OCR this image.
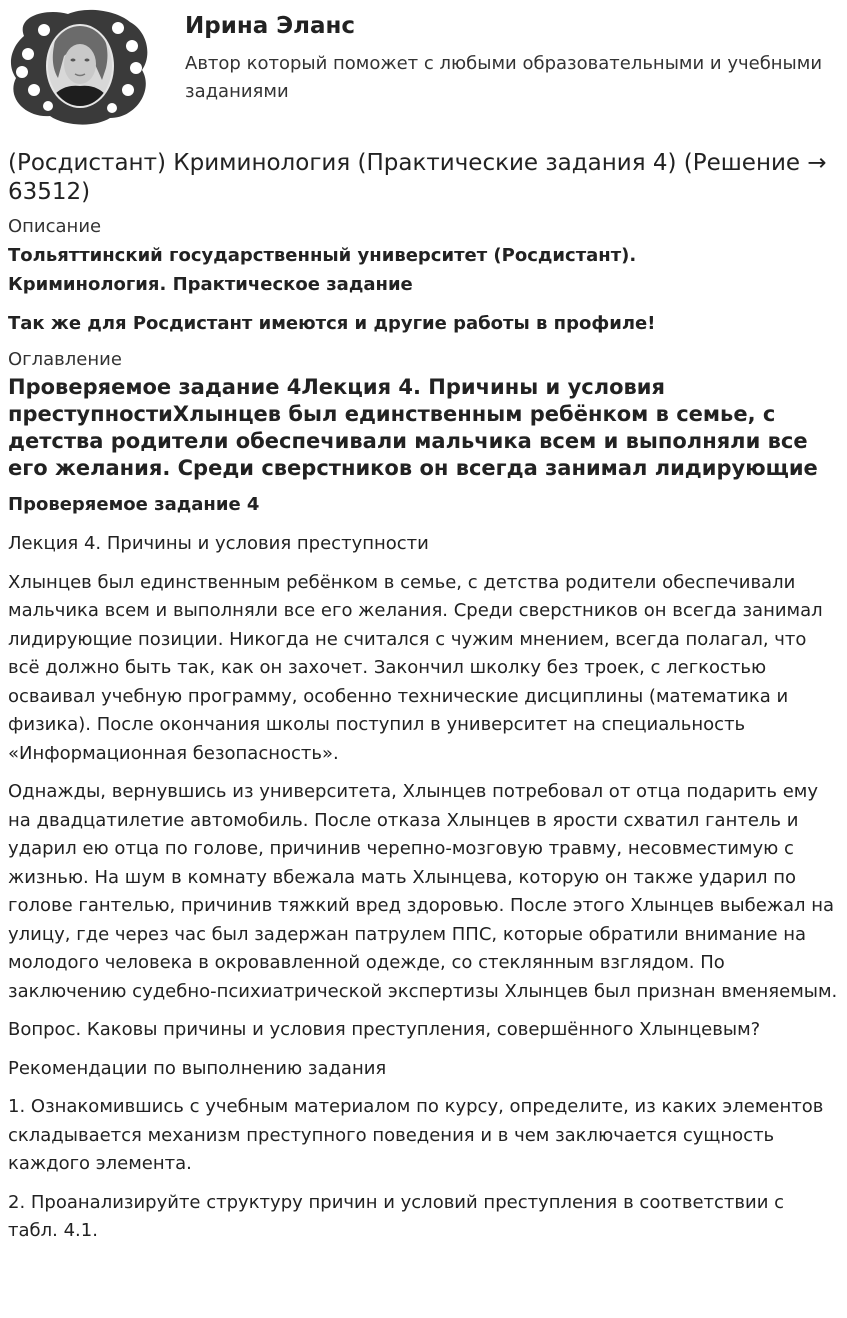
Ирина Эланс

Автор который поможет с любыми образовательными и учебными заданиями

(Росдистант) Криминология (Практические задания 4) (Решение → 63512)
Описание

Тольяттинский государственный университет (Росдистант).

Криминология. Практическое задание

Так же для Росдистант имеются и другие работы в профиле!

Оглавление
Проверяемое задание 4Лекция 4. Причины и условия преступностиХлынцев был единственным ребёнком в семье, с детства родители обеспечивали мальчика всем и выполняли все его желания. Среди сверстников он всегда занимал лидирующие
Проверяемое задание 4

Лекция 4. Причины и условия преступности

Хлынцев был единственным ребёнком в семье, с детства родители обеспечивали мальчика всем и выполняли все его желания. Среди сверстников он всегда занимал лидирующие позиции. Никогда не считался с чужим мнением, всегда полагал, что всё должно быть так, как он захочет. Закончил школку без троек, с легкостью осваивал учебную программу, особенно технические дисциплины (математика и физика). После окончания школы поступил в университет на специальность «Информационная безопасность».

Однажды, вернувшись из университета, Хлынцев потребовал от отца подарить ему на двадцатилетие автомобиль. После отказа Хлынцев в ярости схватил гантель и ударил ею отца по голове, причинив черепно-мозговую травму, несовместимую с жизнью. На шум в комнату вбежала мать Хлынцева, которую он также ударил по голове гантелью, причинив тяжкий вред здоровью. После этого Хлынцев выбежал на улицу, где через час был задержан патрулем ППС, которые обратили внимание на молодого человека в окровавленной одежде, со стеклянным взглядом. По заключению судебно-психиатрической экспертизы Хлынцев был признан вменяемым.

Вопрос. Каковы причины и условия преступления, совершённого Хлынцевым?

Рекомендации по выполнению задания

1. Ознакомившись с учебным материалом по курсу, определите, из каких элементов складывается механизм преступного поведения и в чем заключается сущность каждого элемента.

2. Проанализируйте структуру причин и условий преступления в соответствии с табл. 4.1.
